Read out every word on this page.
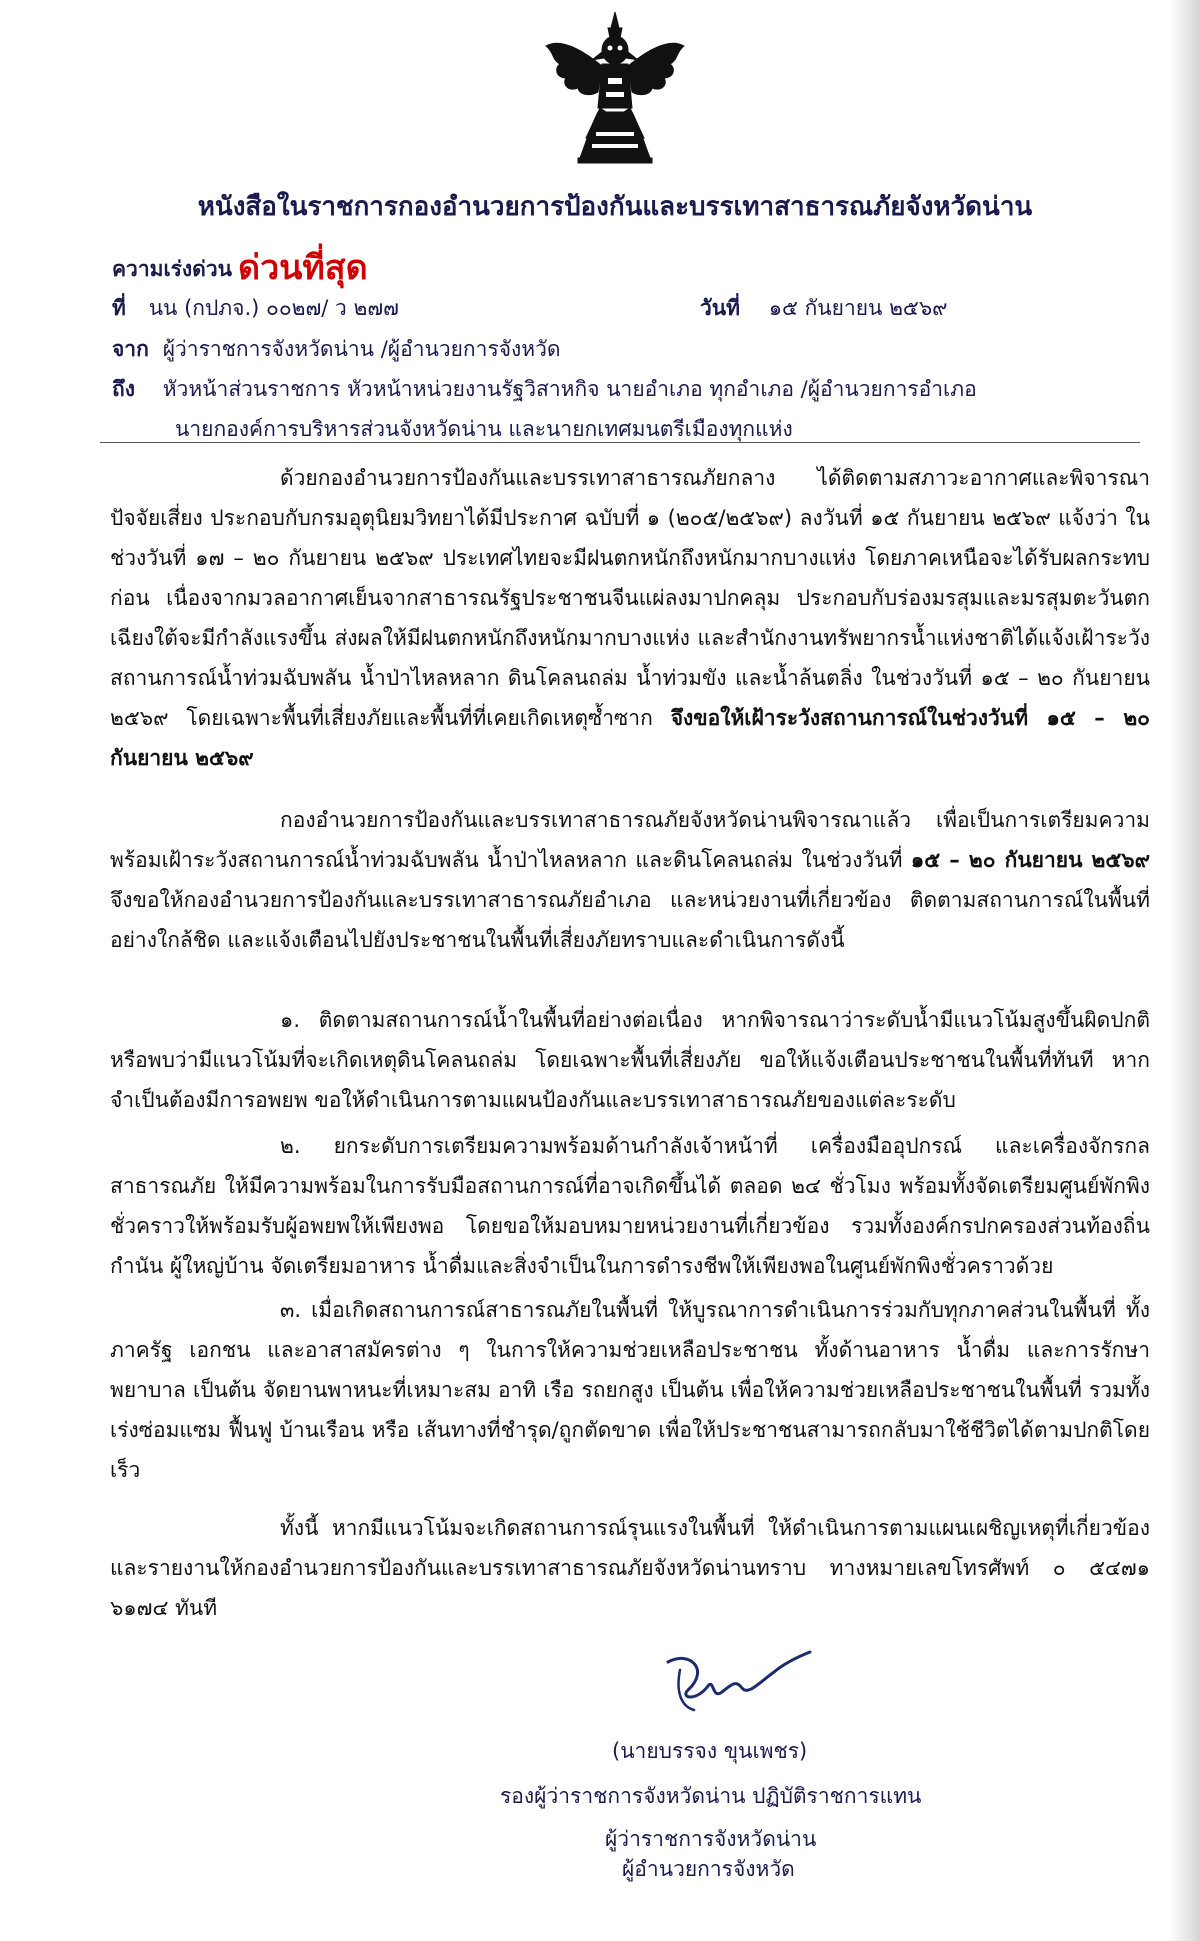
หนังสือในราชการกองอำนวยการป้องกันและบรรเทาสาธารณภัยจังหวัดน่าน
ความเร่งด่วน ด่วนที่สุด
ที่ นน (กปภจ.) ๐๐๒๗/ ว ๒๗๗	วันที่ ๑๕ กันยายน ๒๕๖๙
จาก ผู้ว่าราชการจังหวัดน่าน /ผู้อำนวยการจังหวัด
ถึง หัวหน้าส่วนราชการ หัวหน้าหน่วยงานรัฐวิสาหกิจ นายอำเภอ ทุกอำเภอ /ผู้อำนวยการอำเภอ
นายกองค์การบริหารส่วนจังหวัดน่าน และนายกเทศมนตรีเมืองทุกแห่ง

ด้วยกองอำนวยการป้องกันและบรรเทาสาธารณภัยกลาง ได้ติดตามสภาวะอากาศและพิจารณาปัจจัยเสี่ยง ประกอบกับกรมอุตุนิยมวิทยาได้มีประกาศ ฉบับที่ ๑ (๒๐๕/๒๕๖๙) ลงวันที่ ๑๕ กันยายน ๒๕๖๙ แจ้งว่า ในช่วงวันที่ ๑๗ – ๒๐ กันยายน ๒๕๖๙ ประเทศไทยจะมีฝนตกหนักถึงหนักมากบางแห่ง โดยภาคเหนือจะได้รับผลกระทบก่อน เนื่องจากมวลอากาศเย็นจากสาธารณรัฐประชาชนจีนแผ่ลงมาปกคลุม ประกอบกับร่องมรสุมและมรสุมตะวันตกเฉียงใต้จะมีกำลังแรงขึ้น ส่งผลให้มีฝนตกหนักถึงหนักมากบางแห่ง และสำนักงานทรัพยากรน้ำแห่งชาติได้แจ้งเฝ้าระวังสถานการณ์น้ำท่วมฉับพลัน น้ำป่าไหลหลาก ดินโคลนถล่ม น้ำท่วมขัง และน้ำล้นตลิ่ง ในช่วงวันที่ ๑๕ – ๒๐ กันยายน ๒๕๖๙ โดยเฉพาะพื้นที่เสี่ยงภัยและพื้นที่ที่เคยเกิดเหตุซ้ำซาก จึงขอให้เฝ้าระวังสถานการณ์ในช่วงวันที่ ๑๕ – ๒๐ กันยายน ๒๕๖๙

กองอำนวยการป้องกันและบรรเทาสาธารณภัยจังหวัดน่านพิจารณาแล้ว เพื่อเป็นการเตรียมความพร้อมเฝ้าระวังสถานการณ์น้ำท่วมฉับพลัน น้ำป่าไหลหลาก และดินโคลนถล่ม ในช่วงวันที่ ๑๕ – ๒๐ กันยายน ๒๕๖๙ จึงขอให้กองอำนวยการป้องกันและบรรเทาสาธารณภัยอำเภอ และหน่วยงานที่เกี่ยวข้อง ติดตามสถานการณ์ในพื้นที่ อย่างใกล้ชิด และแจ้งเตือนไปยังประชาชนในพื้นที่เสี่ยงภัยทราบและดำเนินการดังนี้

๑. ติดตามสถานการณ์น้ำในพื้นที่อย่างต่อเนื่อง หากพิจารณาว่าระดับน้ำมีแนวโน้มสูงขึ้นผิดปกติ หรือพบว่ามีแนวโน้มที่จะเกิดเหตุดินโคลนถล่ม โดยเฉพาะพื้นที่เสี่ยงภัย ขอให้แจ้งเตือนประชาชนในพื้นที่ทันที หากจำเป็นต้องมีการอพยพ ขอให้ดำเนินการตามแผนป้องกันและบรรเทาสาธารณภัยของแต่ละระดับ

๒. ยกระดับการเตรียมความพร้อมด้านกำลังเจ้าหน้าที่ เครื่องมืออุปกรณ์ และเครื่องจักรกลสาธารณภัย ให้มีความพร้อมในการรับมือสถานการณ์ที่อาจเกิดขึ้นได้ ตลอด ๒๔ ชั่วโมง พร้อมทั้งจัดเตรียมศูนย์พักพิงชั่วคราวให้พร้อมรับผู้อพยพให้เพียงพอ โดยขอให้มอบหมายหน่วยงานที่เกี่ยวข้อง รวมทั้งองค์กรปกครองส่วนท้องถิ่น กำนัน ผู้ใหญ่บ้าน จัดเตรียมอาหาร น้ำดื่มและสิ่งจำเป็นในการดำรงชีพให้เพียงพอในศูนย์พักพิงชั่วคราวด้วย

๓. เมื่อเกิดสถานการณ์สาธารณภัยในพื้นที่ ให้บูรณาการดำเนินการร่วมกับทุกภาคส่วนในพื้นที่ ทั้งภาครัฐ เอกชน และอาสาสมัครต่าง ๆ ในการให้ความช่วยเหลือประชาชน ทั้งด้านอาหาร น้ำดื่ม และการรักษาพยาบาล เป็นต้น จัดยานพาหนะที่เหมาะสม อาทิ เรือ รถยกสูง เป็นต้น เพื่อให้ความช่วยเหลือประชาชนในพื้นที่ รวมทั้ง เร่งซ่อมแซม ฟื้นฟู บ้านเรือน หรือ เส้นทางที่ชำรุด/ถูกตัดขาด เพื่อให้ประชาชนสามารถกลับมาใช้ชีวิตได้ตามปกติโดยเร็ว

ทั้งนี้ หากมีแนวโน้มจะเกิดสถานการณ์รุนแรงในพื้นที่ ให้ดำเนินการตามแผนเผชิญเหตุที่เกี่ยวข้อง และรายงานให้กองอำนวยการป้องกันและบรรเทาสาธารณภัยจังหวัดน่านทราบ ทางหมายเลขโทรศัพท์ ๐ ๕๔๗๑ ๖๑๗๔ ทันที

(นายบรรจง ขุนเพชร)
รองผู้ว่าราชการจังหวัดน่าน ปฏิบัติราชการแทน
ผู้ว่าราชการจังหวัดน่าน
ผู้อำนวยการจังหวัด
